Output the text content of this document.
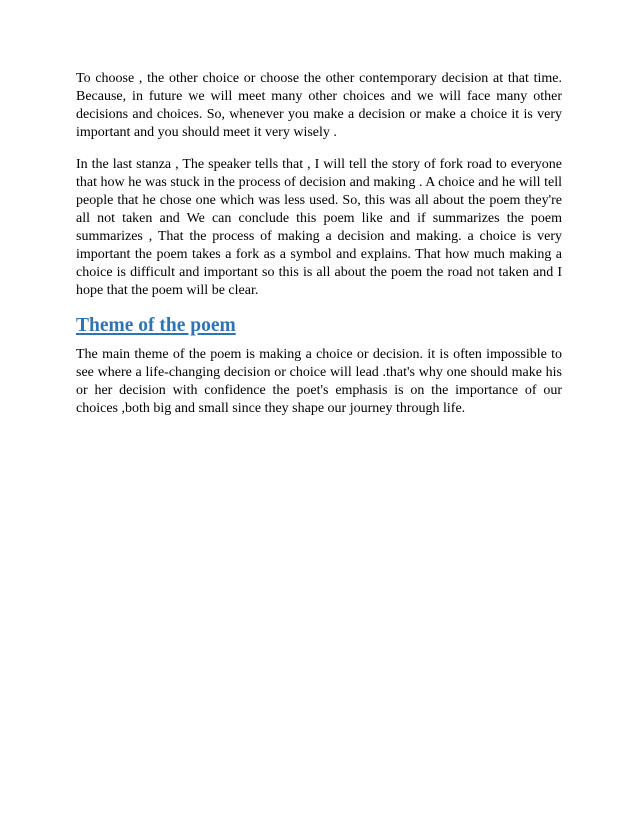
To choose , the other choice or choose the other contemporary decision at that time. Because, in future we will meet many other choices and we will face many other decisions and choices. So, whenever you make a decision or make a choice it is very important and you should meet it very wisely .

In the last stanza , The speaker tells that , I will tell the story of fork road to everyone that how he was stuck in the process of decision and making . A choice and he will tell people that he chose one which was less used. So, this was all about the poem they're all not taken and We can conclude this poem like and if summarizes the poem summarizes , That the process of making a decision and making. a choice is very important the poem takes a fork as a symbol and explains. That how much making a choice is difficult and important so this is all about the poem the road not taken and I hope that the poem will be clear.

Theme of the poem

The main theme of the poem is making a choice or decision. it is often impossible to see where a life-changing decision or choice will lead .that's why one should make his or her decision with confidence the poet's emphasis is on the importance of our choices ,both big and small since they shape our journey through life.
